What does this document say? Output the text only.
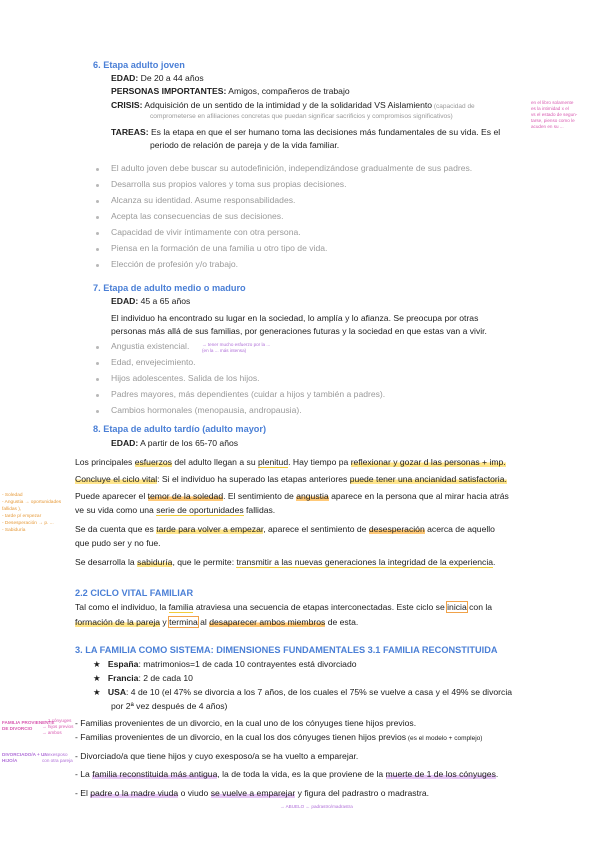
6. Etapa adulto joven
EDAD: De 20 a 44 años
PERSONAS IMPORTANTES: Amigos, compañeros de trabajo
CRISIS: Adquisición de un sentido de la intimidad y de la solidaridad VS Aislamiento (capacidad de
comprometerse en afiliaciones concretas que puedan significar sacrificios y compromisos significativos)
TAREAS: Es la etapa en que el ser humano toma las decisiones más fundamentales de su vida. Es el
periodo de relación de pareja y de la vida familiar.
en el libro solamente
es la intimidad x el
vs el estado de segun-
tarse, pienso como le
acuden en su ...
El adulto joven debe buscar su autodefinición, independizándose gradualmente de sus padres.
Desarrolla sus propios valores y toma sus propias decisiones.
Alcanza su identidad. Asume responsabilidades.
Acepta las consecuencias de sus decisiones.
Capacidad de vivir íntimamente con otra persona.
Piensa en la formación de una familia u otro tipo de vida.
Elección de profesión y/o trabajo.
7. Etapa de adulto medio o maduro
EDAD: 45 a 65 años
El individuo ha encontrado su lugar en la sociedad, lo amplía y lo afianza. Se preocupa por otras
personas más allá de sus familias, por generaciones futuras y la sociedad en que estas van a vivir.
Angustia existencial.
Edad, envejecimiento.
Hijos adolescentes. Salida de los hijos.
Padres mayores, más dependientes (cuidar a hijos y también a padres).
Cambios hormonales (menopausia, andropausia).
→ tener mucho esfuerzo por la ...
(en la ... más intensa)
8. Etapa de adulto tardío (adulto mayor)
EDAD: A partir de los 65-70 años
Los principales esfuerzos del adulto llegan a su plenitud. Hay tiempo pa reflexionar y gozar d las personas + imp.
Concluye el ciclo vital: Si el individuo ha superado las etapas anteriores puede tener una ancianidad satisfactoria.
Puede aparecer el temor de la soledad. El sentimiento de angustia aparece en la persona que al mirar hacia atrás
ve su vida como una serie de oportunidades fallidas.
Se da cuenta que es tarde para volver a empezar, aparece el sentimiento de desesperación acerca de aquello
que pudo ser y no fue.
Se desarrolla la sabiduría, que le permite: transmitir a las nuevas generaciones la integridad de la experiencia.
- Soledad
- Angustia → oportunidades
fallidas ),
- tarde p/ empezar
- Desesperación → p. ...
- Sabiduría
2.2 CICLO VITAL FAMILIAR
Tal como el individuo, la familia atraviesa una secuencia de etapas interconectadas. Este ciclo se inicia con la
formación de la pareja y termina al desaparecer ambos miembros de esta.
3. LA FAMILIA COMO SISTEMA: DIMENSIONES FUNDAMENTALES 3.1 FAMILIA RECONSTITUIDA
★   España: matrimonios=1 de cada 10 contrayentes está divorciado
★   Francia: 2 de cada 10
★   USA: 4 de 10 (el 47% se divorcia a los 7 años, de los cuales el 75% se vuelve a casa y el 49% se divorcia
por 2ª vez después de 4 años)
- Familias provenientes de un divorcio, en la cual uno de los cónyuges tiene hijos previos.
- Familias provenientes de un divorcio, en la cual los dos cónyuges tienen hijos previos (es el modelo + complejo)
- Divorciado/a que tiene hijos y cuyo exesposo/a se ha vuelto a emparejar.
- La familia reconstituida más antigua, la de toda la vida, es la que proviene de la muerte de 1 de los cónyuges.
- El padre o la madre viuda o viudo se vuelve a emparejar y figura del padrastro o madrastra.
FAMILIA PROVIENENTE
DE DIVORCIO
→ 1 cónyuges
→ hijos previos
→ ambos
DIVORCIADO/A + UN
HIJO/A
→ exesposo
con otra pareja
→ ABUELO ← padrastro/madrastra
